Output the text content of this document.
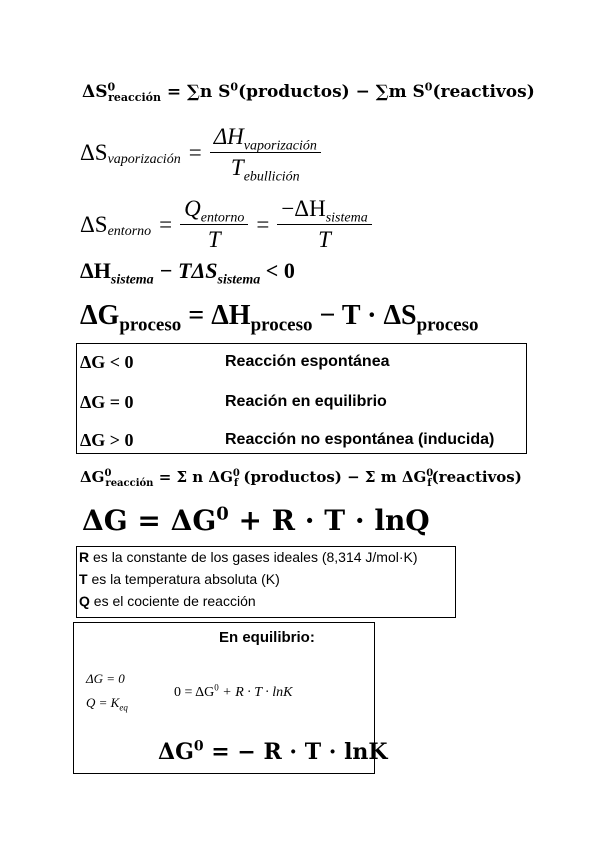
$\Delta S^0_{reacción} = \sum n$ $S^0(productos) - \sum m$ $S^0(reactivos)$
ΔS vaporización = $\frac{\Delta H_{vaporización}}{T_{ebullición}}$
ΔS entorno = $\frac{Q_{entorno}}{T} = \frac{-\Delta H_{sistema}}{T}$
$\Delta H_{sistema} - T\Delta S_{sistema} < 0$
$\Delta G_{proceso} = \Delta H_{proceso} - T \cdot \Delta S_{proceso}$
ΔG < 0	Reacción espontánea
ΔG = 0	Reación en equilibrio
ΔG > 0	Reacción no espontánea (inducida)
$\Delta G^0_{reacción} = \Sigma$ n $\Delta G^0_f$ (productos) − Σ m $\Delta G^0_f(reactivos)$
$\Delta G = \Delta G^0 + R \cdot T \cdot \ln Q$
R es la constante de los gases ideales (8,314 J/mol·K)
T es la temperatura absoluta (K)
Q es el cociente de reacción
En equilibrio:
ΔG = 0
$Q = K_{eq}$
$0 = \Delta G^0 + R \cdot T \cdot \ln K$
$\Delta G^0$ = − R · T · lnK
